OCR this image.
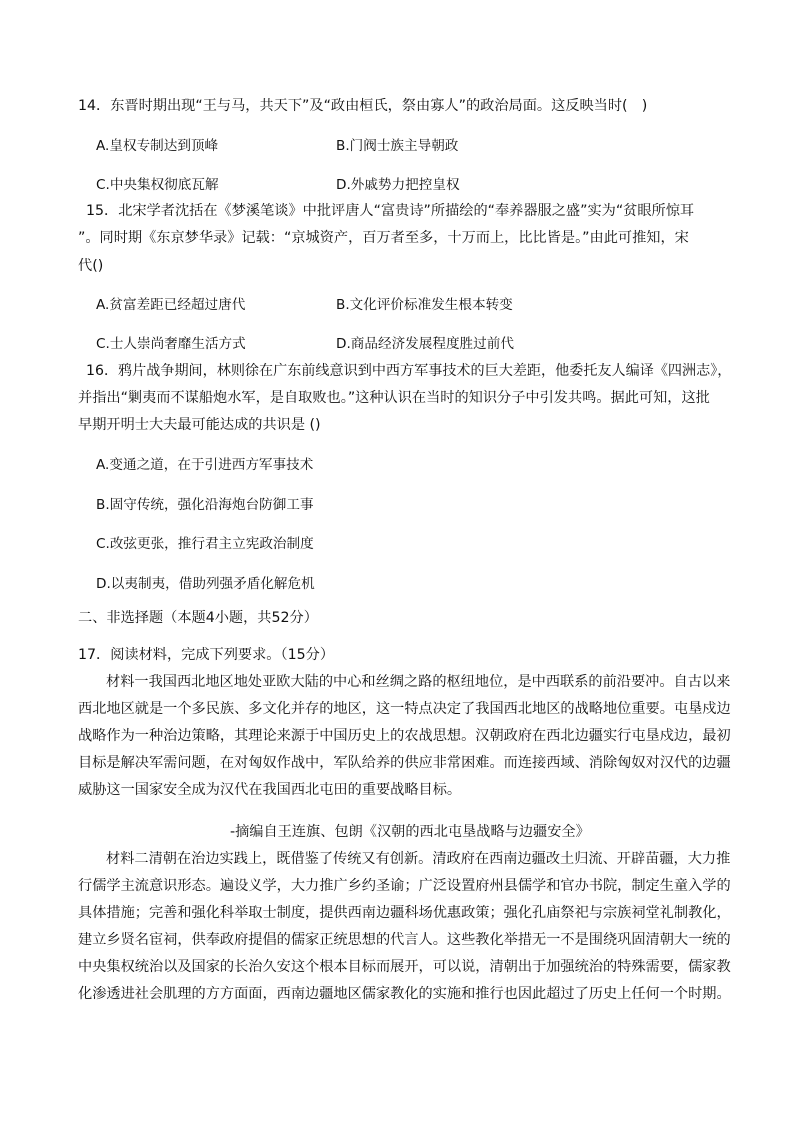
14．东晋时期出现“王与马，共天下”及“政由桓氏，祭由寡人”的政治局面。这反映当时(　)
A.皇权专制达到顶峰	B.门阀士族主导朝政
C.中央集权彻底瓦解	D.外戚势力把控皇权
15．北宋学者沈括在《梦溪笔谈》中批评唐人“富贵诗”所描绘的“奉养器服之盛”实为“贫眼所惊耳
”。同时期《东京梦华录》记载：“京城资产，百万者至多，十万而上，比比皆是。”由此可推知，宋
代()
A.贫富差距已经超过唐代	B.文化评价标准发生根本转变
C.士人崇尚奢靡生活方式	D.商品经济发展程度胜过前代
16．鸦片战争期间，林则徐在广东前线意识到中西方军事技术的巨大差距，他委托友人编译《四洲志》，
并指出“剿夷而不谋船炮水军，是自取败也。”这种认识在当时的知识分子中引发共鸣。据此可知，这批
早期开明士大夫最可能达成的共识是 ()
A.变通之道，在于引进西方军事技术
B.固守传统，强化沿海炮台防御工事
C.改弦更张，推行君主立宪政治制度
D.以夷制夷，借助列强矛盾化解危机
二、非选择题（本题4小题，共52分）
17．阅读材料，完成下列要求。（15分）
材料一我国西北地区地处亚欧大陆的中心和丝绸之路的枢纽地位，是中西联系的前沿要冲。自古以来
西北地区就是一个多民族、多文化并存的地区，这一特点决定了我国西北地区的战略地位重要。屯垦戍边
战略作为一种治边策略，其理论来源于中国历史上的农战思想。汉朝政府在西北边疆实行屯垦戍边，最初
目标是解决军需问题，在对匈奴作战中，军队给养的供应非常困难。而连接西域、消除匈奴对汉代的边疆
威胁这一国家安全成为汉代在我国西北屯田的重要战略目标。
-摘编自王连旗、包朗《汉朝的西北屯垦战略与边疆安全》
材料二清朝在治边实践上，既借鉴了传统又有创新。清政府在西南边疆改土归流、开辟苗疆，大力推
行儒学主流意识形态。遍设义学，大力推广乡约圣谕；广泛设置府州县儒学和官办书院，制定生童入学的
具体措施；完善和强化科举取士制度，提供西南边疆科场优惠政策；强化孔庙祭祀与宗族祠堂礼制教化，
建立乡贤名宦祠，供奉政府提倡的儒家正统思想的代言人。这些教化举措无一不是围绕巩固清朝大一统的
中央集权统治以及国家的长治久安这个根本目标而展开，可以说，清朝出于加强统治的特殊需要，儒家教
化渗透进社会肌理的方方面面，西南边疆地区儒家教化的实施和推行也因此超过了历史上任何一个时期。
